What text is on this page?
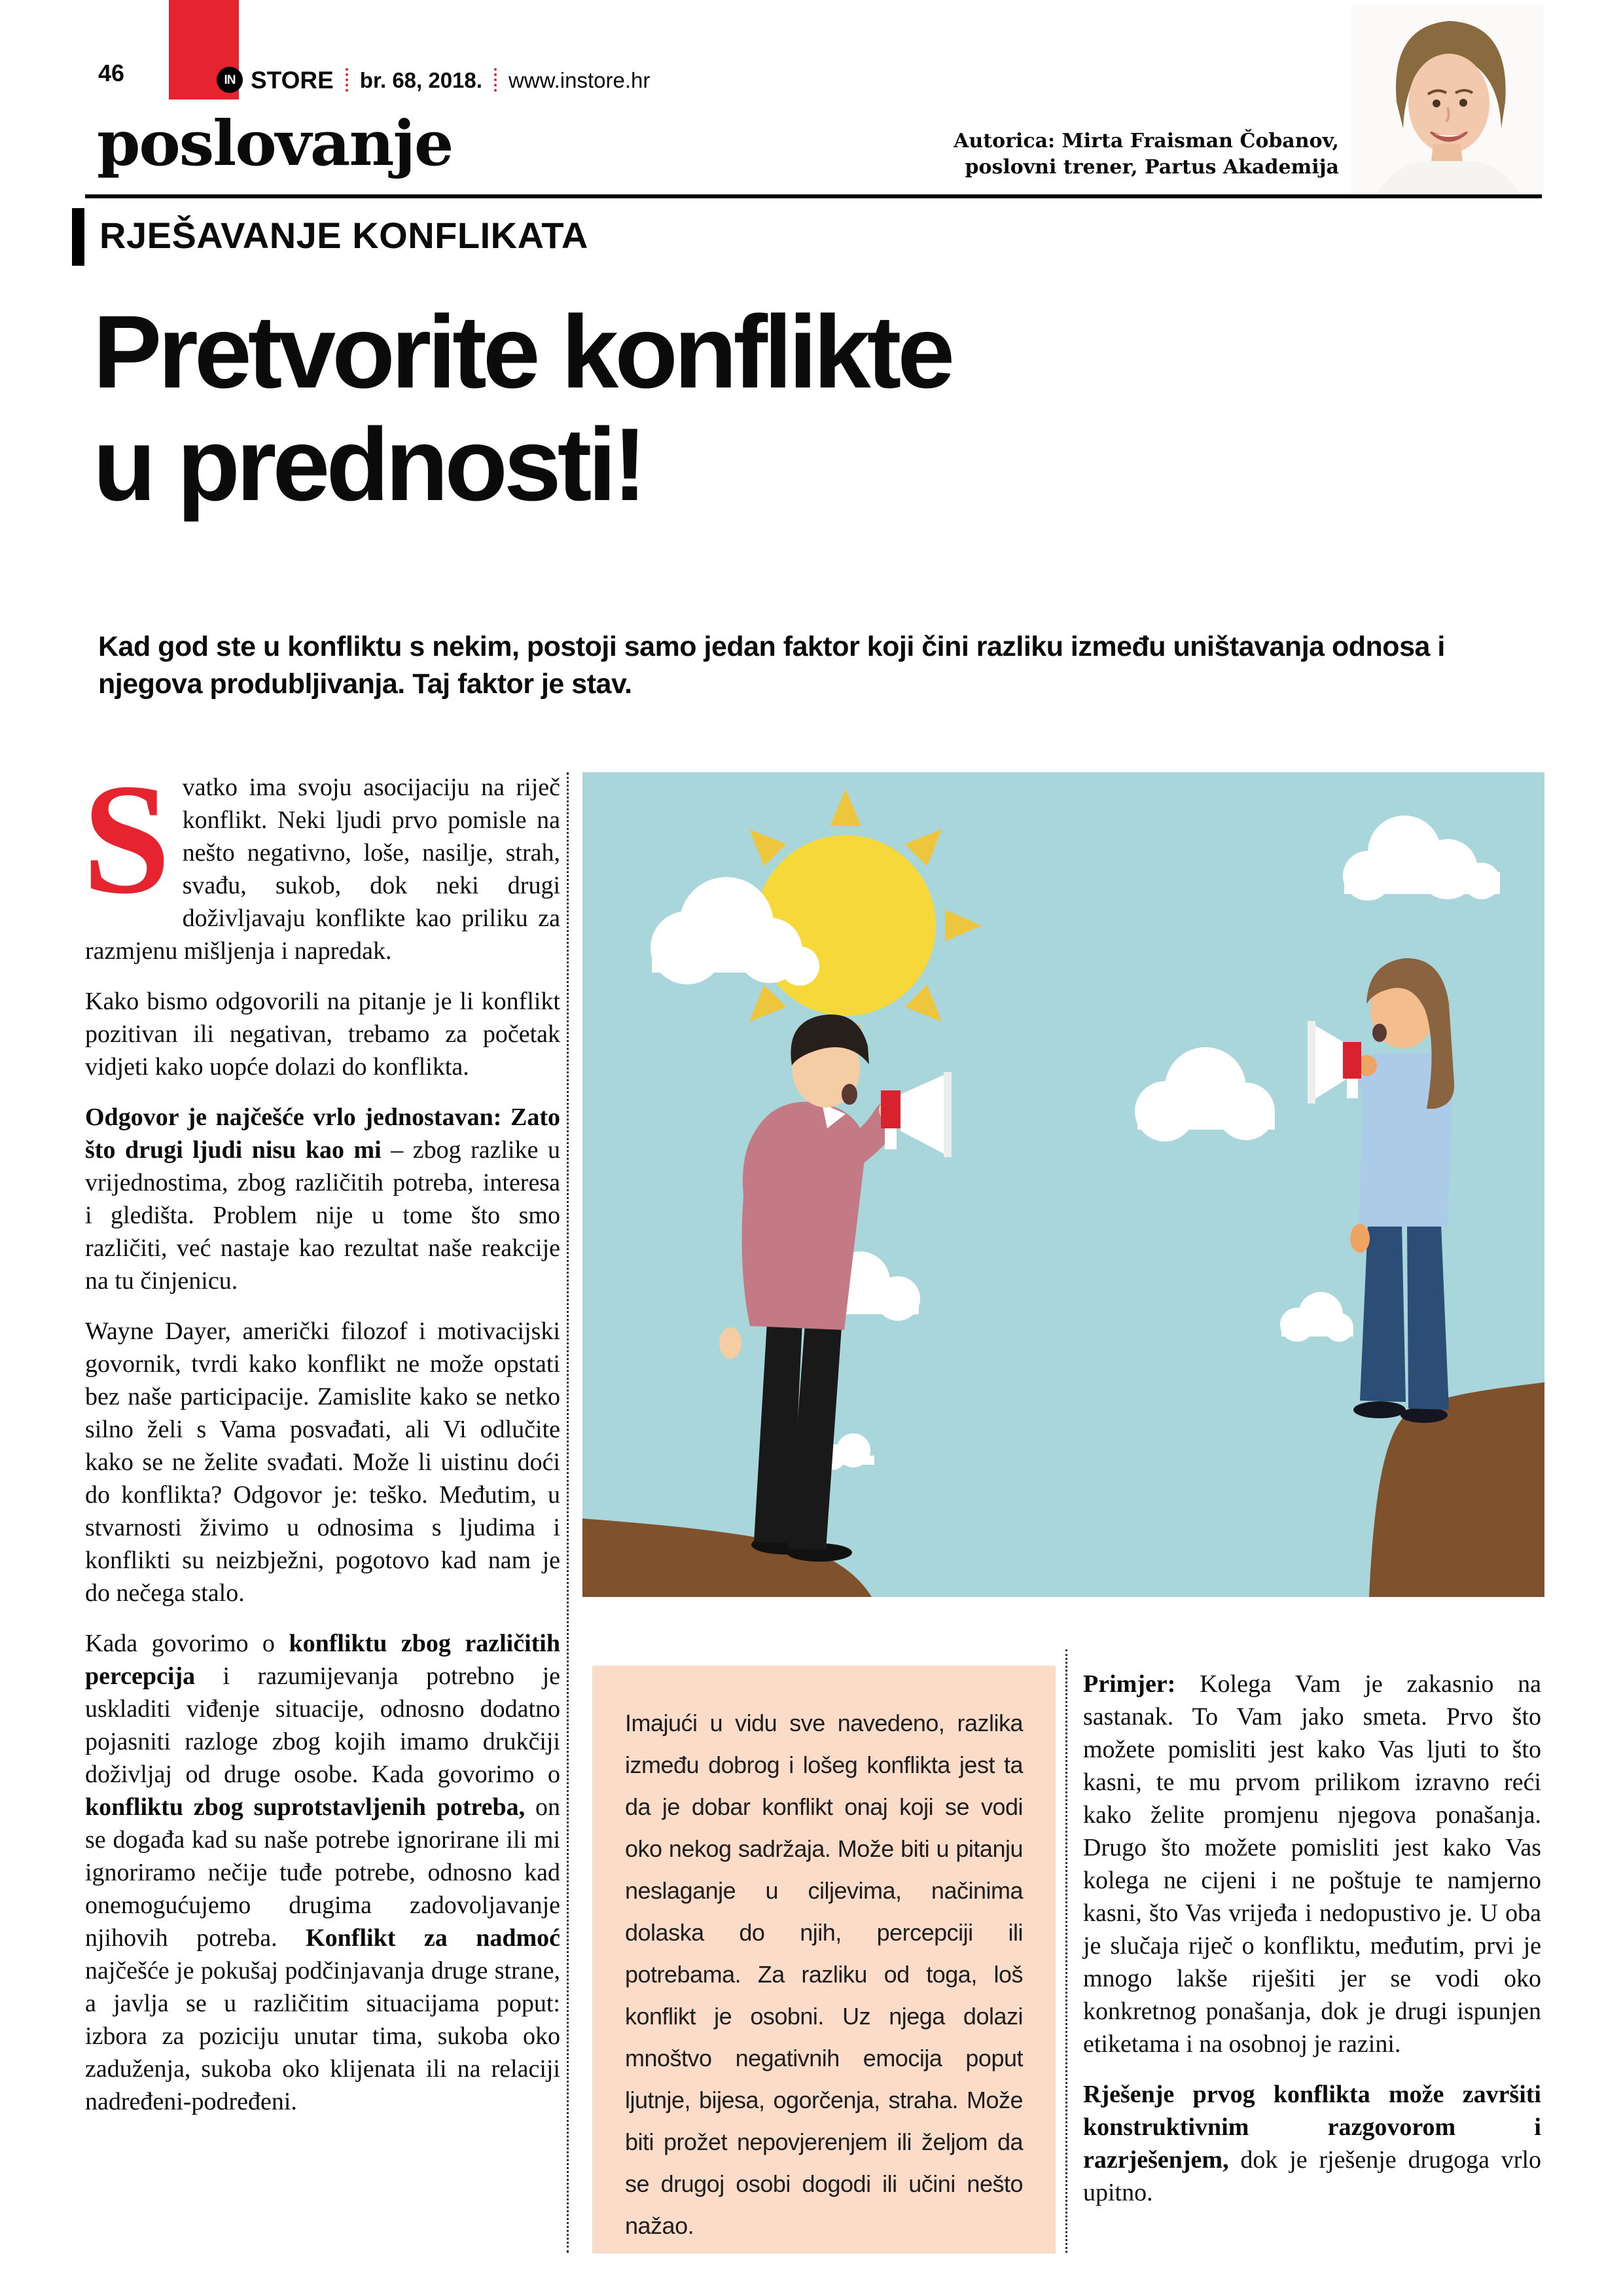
46	IN STORE br. 68, 2018. www.instore.hr
poslovanje	Autorica: Mirta Fraisman Čobanov,
poslovni trener, Partus Akademija
RJEŠAVANJE KONFLIKATA
Pretvorite konflikte
u prednosti!
Kad god ste u konfliktu s nekim, postoji samo jedan faktor koji čini razliku između uništavanja odnosa i njegova produbljivanja. Taj faktor je stav.

Svatko ima svoju asocijaciju na riječ konflikt. Neki ljudi prvo pomisle na nešto negativno, loše, nasilje, strah, svađu, sukob, dok neki drugi doživljavaju konflikte kao priliku za razmjenu mišljenja i napredak.

Kako bismo odgovorili na pitanje je li konflikt pozitivan ili negativan, trebamo za početak vidjeti kako uopće dolazi do konflikta.

Odgovor je najčešće vrlo jednostavan: Zato što drugi ljudi nisu kao mi – zbog razlike u vrijednostima, zbog različitih potreba, interesa i gledišta. Problem nije u tome što smo različiti, već nastaje kao rezultat naše reakcije na tu činjenicu.

Wayne Dayer, američki filozof i motivacijski govornik, tvrdi kako konflikt ne može opstati bez naše participacije. Zamislite kako se netko silno želi s Vama posvađati, ali Vi odlučite kako se ne želite svađati. Može li uistinu doći do konflikta? Odgovor je: teško. Međutim, u stvarnosti živimo u odnosima s ljudima i konflikti su neizbježni, pogotovo kad nam je do nečega stalo.

Kada govorimo o konfliktu zbog različitih percepcija i razumijevanja potrebno je uskladiti viđenje situacije, odnosno dodatno pojasniti razloge zbog kojih imamo drukčiji doživljaj od druge osobe. Kada govorimo o konfliktu zbog suprotstavljenih potreba, on se događa kad su naše potrebe ignorirane ili mi ignoriramo nečije tuđe potrebe, odnosno kad onemogućujemo drugima zadovoljavanje njihovih potreba. Konflikt za nadmoć najčešće je pokušaj podčinjavanja druge strane, a javlja se u različitim situacijama poput: izbora za poziciju unutar tima, sukoba oko zaduženja, sukoba oko klijenata ili na relaciji nadređeni-podređeni.

Imajući u vidu sve navedeno, razlika između dobrog i lošeg konflikta jest ta da je dobar konflikt onaj koji se vodi oko nekog sadržaja. Može biti u pitanju neslaganje u ciljevima, načinima dolaska do njih, percepciji ili potrebama. Za razliku od toga, loš konflikt je osobni. Uz njega dolazi mnoštvo negativnih emocija poput ljutnje, bijesa, ogorčenja, straha. Može biti prožet nepovjerenjem ili željom da se drugoj osobi dogodi ili učini nešto nažao.

Primjer: Kolega Vam je zakasnio na sastanak. To Vam jako smeta. Prvo što možete pomisliti jest kako Vas ljuti to što kasni, te mu prvom prilikom izravno reći kako želite promjenu njegova ponašanja. Drugo što možete pomisliti jest kako Vas kolega ne cijeni i ne poštuje te namjerno kasni, što Vas vrijeđa i nedopustivo je. U oba je slučaja riječ o konfliktu, međutim, prvi je mnogo lakše riješiti jer se vodi oko konkretnog ponašanja, dok je drugi ispunjen etiketama i na osobnoj je razini.

Rješenje prvog konflikta može završiti konstruktivnim razgovorom i razrješenjem, dok je rješenje drugoga vrlo upitno.
